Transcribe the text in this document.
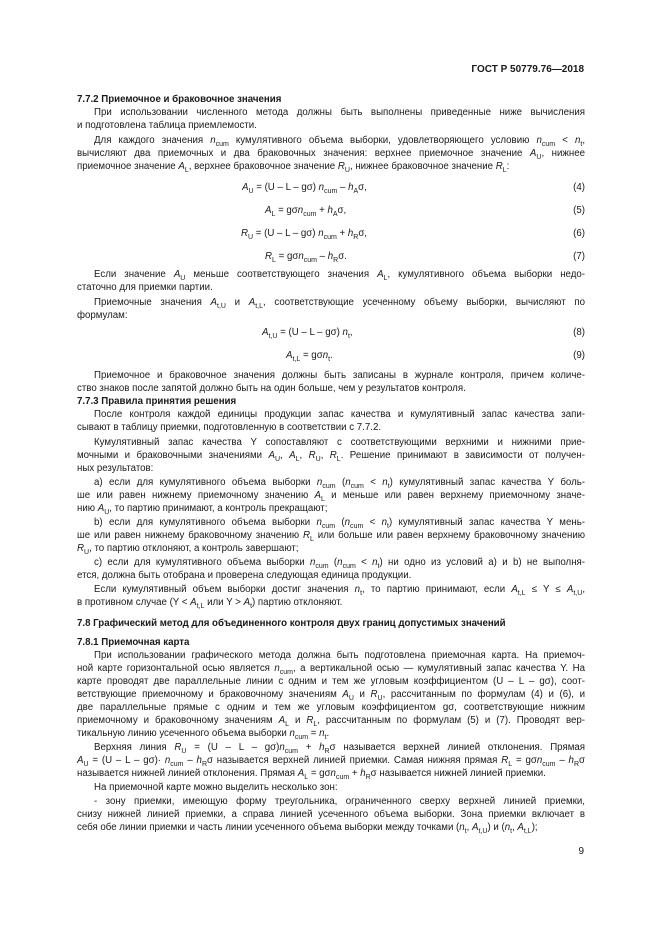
ГОСТ Р 50779.76—2018
7.7.2 Приемочное и браковочное значения
При использовании численного метода должны быть выполнены приведенные ниже вычисления
и подготовлена таблица приемлемости.
Для каждого значения $n_{cum}$ кумулятивного объема выборки, удовлетворяющего условию $n_{cum} < n_t$,
вычисляют два приемочных и два браковочных значения: верхнее приемочное значение $A_U$, нижнее
приемочное значение $A_L$, верхнее браковочное значение $R_U$, нижнее браковочное значение $R_L$:
Если значение $A_U$ меньше соответствующего значения $A_L$, кумулятивного объема выборки недо-
статочно для приемки партии.
Приемочные значения $A_{t,U}$ и $A_{t,L}$, соответствующие усеченному объему выборки, вычисляют по
формулам:
Приемочное и браковочное значения должны быть записаны в журнале контроля, причем количе-
ство знаков после запятой должно быть на один больше, чем у результатов контроля.
7.7.3 Правила принятия решения
После контроля каждой единицы продукции запас качества и кумулятивный запас качества запи-
сывают в таблицу приемки, подготовленную в соответствии с 7.7.2.
Кумулятивный запас качества Y сопоставляют с соответствующими верхними и нижними прие-
мочными и браковочными значениями $A_U$, $A_L$, $R_U$, $R_L$. Решение принимают в зависимости от получен-
ных результатов:
a) если для кумулятивного объема выборки $n_{cum}$ $(n_{cum} < n_t)$ кумулятивный запас качества Y боль-
ше или равен нижнему приемочному значению $A_L$ и меньше или равен верхнему приемочному значе-
нию $A_U$, то партию принимают, а контроль прекращают;
b) если для кумулятивного объема выборки $n_{cum}$ $(n_{cum} < n_t)$ кумулятивный запас качества Y мень-
ше или равен нижнему браковочному значению $R_L$ или больше или равен верхнему браковочному значению
$R_U$, то партию отклоняют, а контроль завершают;
c) если для кумулятивного объема выборки $n_{cum}$ $(n_{cum} < n_t)$ ни одно из условий a) и b) не выполня-
ется, должна быть отобрана и проверена следующая единица продукции.
Если кумулятивный объем выборки достиг значения $n_t$, то партию принимают, если $A_{t,L} \le Y \le A_{t,U}$,
в противном случае ($Y < A_{t,L}$ или $Y > A_t$) партию отклоняют.
7.8 Графический метод для объединенного контроля двух границ допустимых значений
7.8.1 Приемочная карта
При использовании графического метода должна быть подготовлена приемочная карта. На приемоч-
ной карте горизонтальной осью является $n_{cum}$, а вертикальной осью — кумулятивный запас качества Y. На
карте проводят две параллельные линии с одним и тем же угловым коэффициентом (U – L – gσ), соот-
ветствующие приемочному и браковочному значениям $A_U$ и $R_U$, рассчитанным по формулам (4) и (6), и
две параллельные прямые с одним и тем же угловым коэффициентом gσ, соответствующие нижним
приемочному и браковочному значениям $A_L$ и $R_L$, рассчитанным по формулам (5) и (7). Проводят вер-
тикальную линию усеченного объема выборки $n_{cum} = n_t$.
Верхняя линия $R_U = (U - L - g\sigma)n_{cum} + h_R\sigma$ называется верхней линией отклонения. Прямая
$A_U = (U - L - g\sigma)\cdot n_{cum} - h_R\sigma$ называется верхней линией приемки. Самая нижняя прямая $R_L = g\sigma n_{cum} - h_R\sigma$
называется нижней линией отклонения. Прямая $A_L = g\sigma n_{cum} + h_R\sigma$ называется нижней линией приемки.
На приемочной карте можно выделить несколько зон:
- зону приемки, имеющую форму треугольника, ограниченного сверху верхней линией приемки,
снизу нижней линией приемки, а справа линией усеченного объема выборки. Зона приемки включает в
себя обе линии приемки и часть линии усеченного объема выборки между точками ($n_t$, $A_{t,U}$) и ($n_t$, $A_{t,L}$);
$A_U = (U - L - g\sigma)$ $n_{cum} - h_A\sigma$,	(4)
$A_L = g\sigma n_{cum} + h_A\sigma$,	(5)
$R_U = (U - L - g\sigma) n_{cum} + h_R\sigma$,	(6)
$R_L = g\sigma n_{cum} - h_R\sigma$.	(7)
$A_{t,U} = (U - L - g\sigma)$ $n_t$,	(8)
$A_{t,L} = g\sigma n_t$.	(9)
9
